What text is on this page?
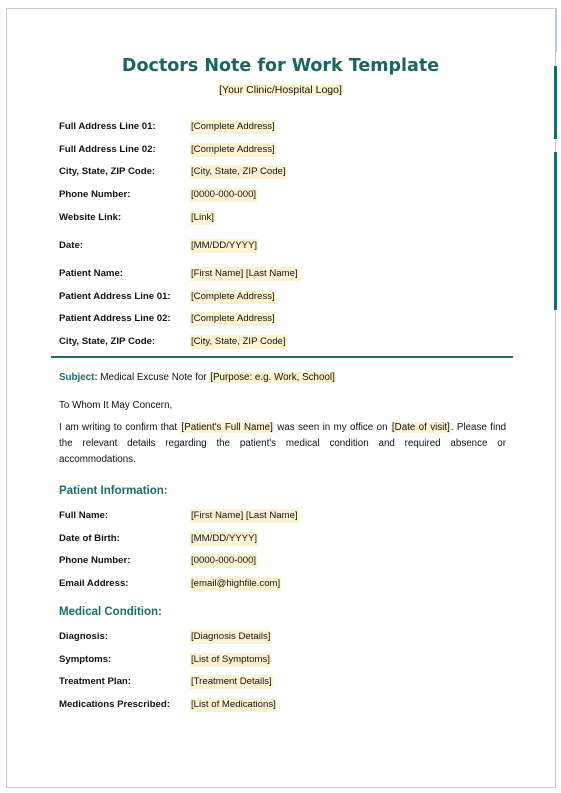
Doctors Note for Work Template
[Your Clinic/Hospital Logo]
Full Address Line 01:	[Complete Address]
Full Address Line 02:	[Complete Address]
City, State, ZIP Code:	[City, State, ZIP Code]
Phone Number:	[0000-000-000]
Website Link:	[Link]
Date:	[MM/DD/YYYY]
Patient Name:	[First Name] [Last Name]
Patient Address Line 01: [Complete Address]
Patient Address Line 02: [Complete Address]
City, State, ZIP Code:	[City, State, ZIP Code]
Subject: Medical Excuse Note for [Purpose: e.g. Work, School]
To Whom It May Concern,
I am writing to confirm that [Patient's Full Name] was seen in my office on [Date of visit]. Please find the relevant details regarding the patient's medical condition and required absence or accommodations.
Patient Information:
Full Name:	[First Name] [Last Name]
Date of Birth:	[MM/DD/YYYY]
Phone Number:	[0000-000-000]
Email Address:	[email@highfile.com]
Medical Condition:
Diagnosis:	[Diagnosis Details]
Symptoms:	[List of Symptoms]
Treatment Plan:	[Treatment Details]
Medications Prescribed: [List of Medications]
